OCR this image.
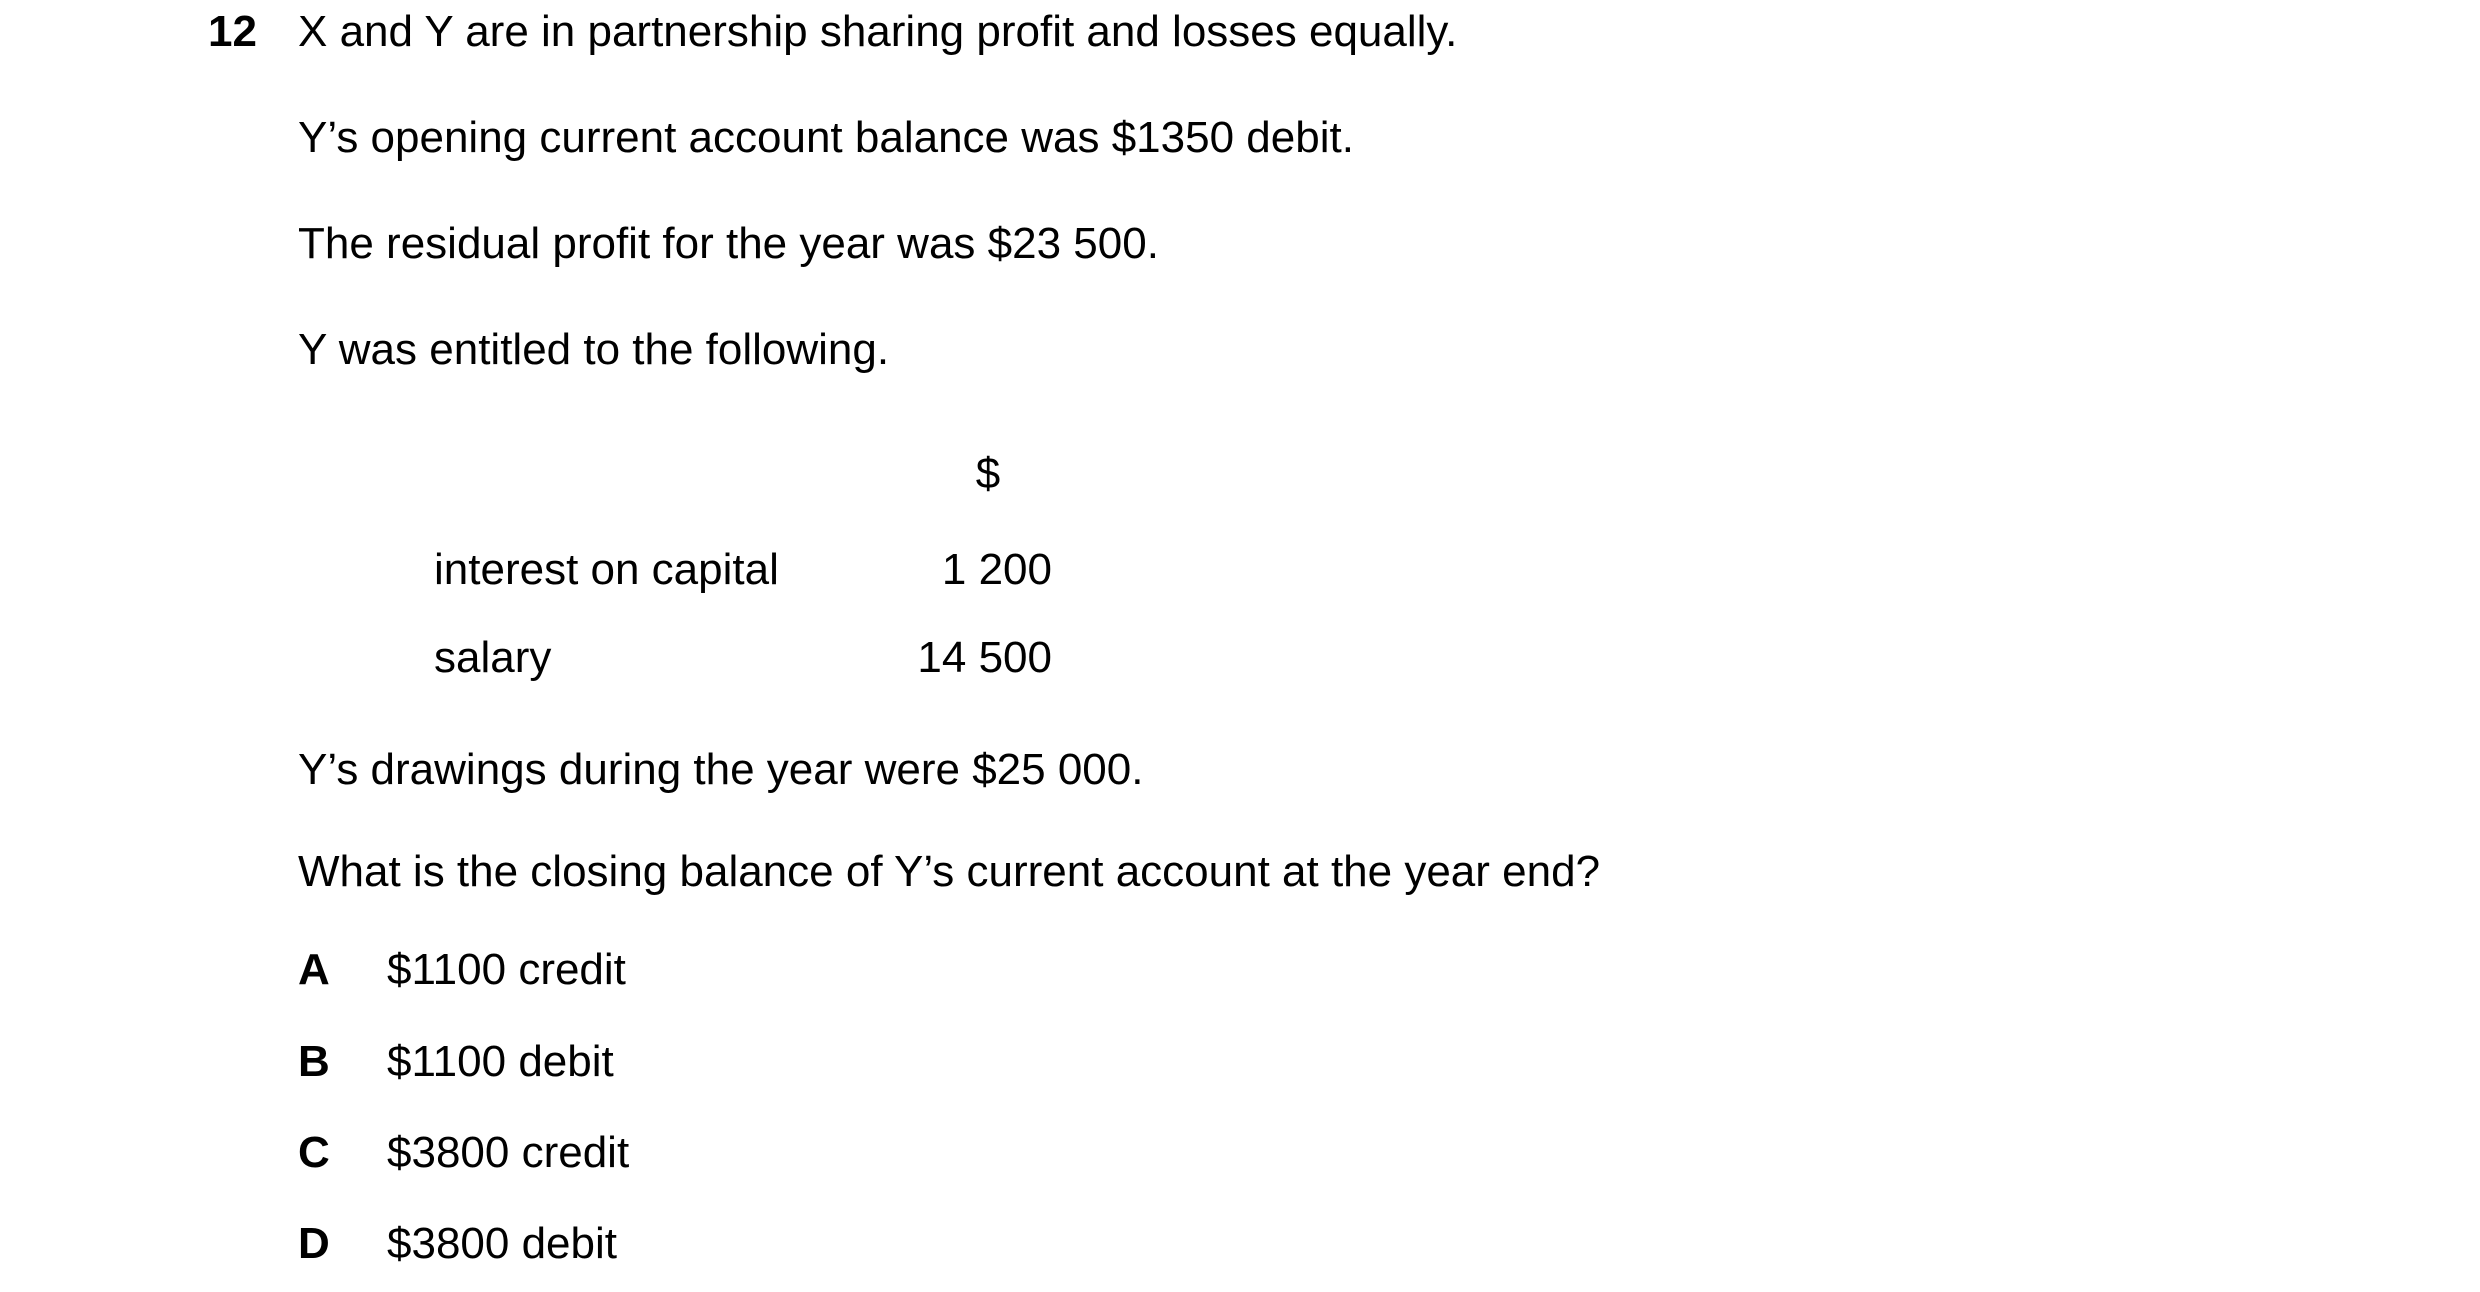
12 X and Y are in partnership sharing profit and losses equally.
Y’s opening current account balance was $1350 debit.
The residual profit for the year was $23 500.
Y was entitled to the following.
$
interest on capital	1 200
salary	14 500
Y’s drawings during the year were $25 000.
What is the closing balance of Y’s current account at the year end?
A $1100 credit
B $1100 debit
C $3800 credit
D $3800 debit
